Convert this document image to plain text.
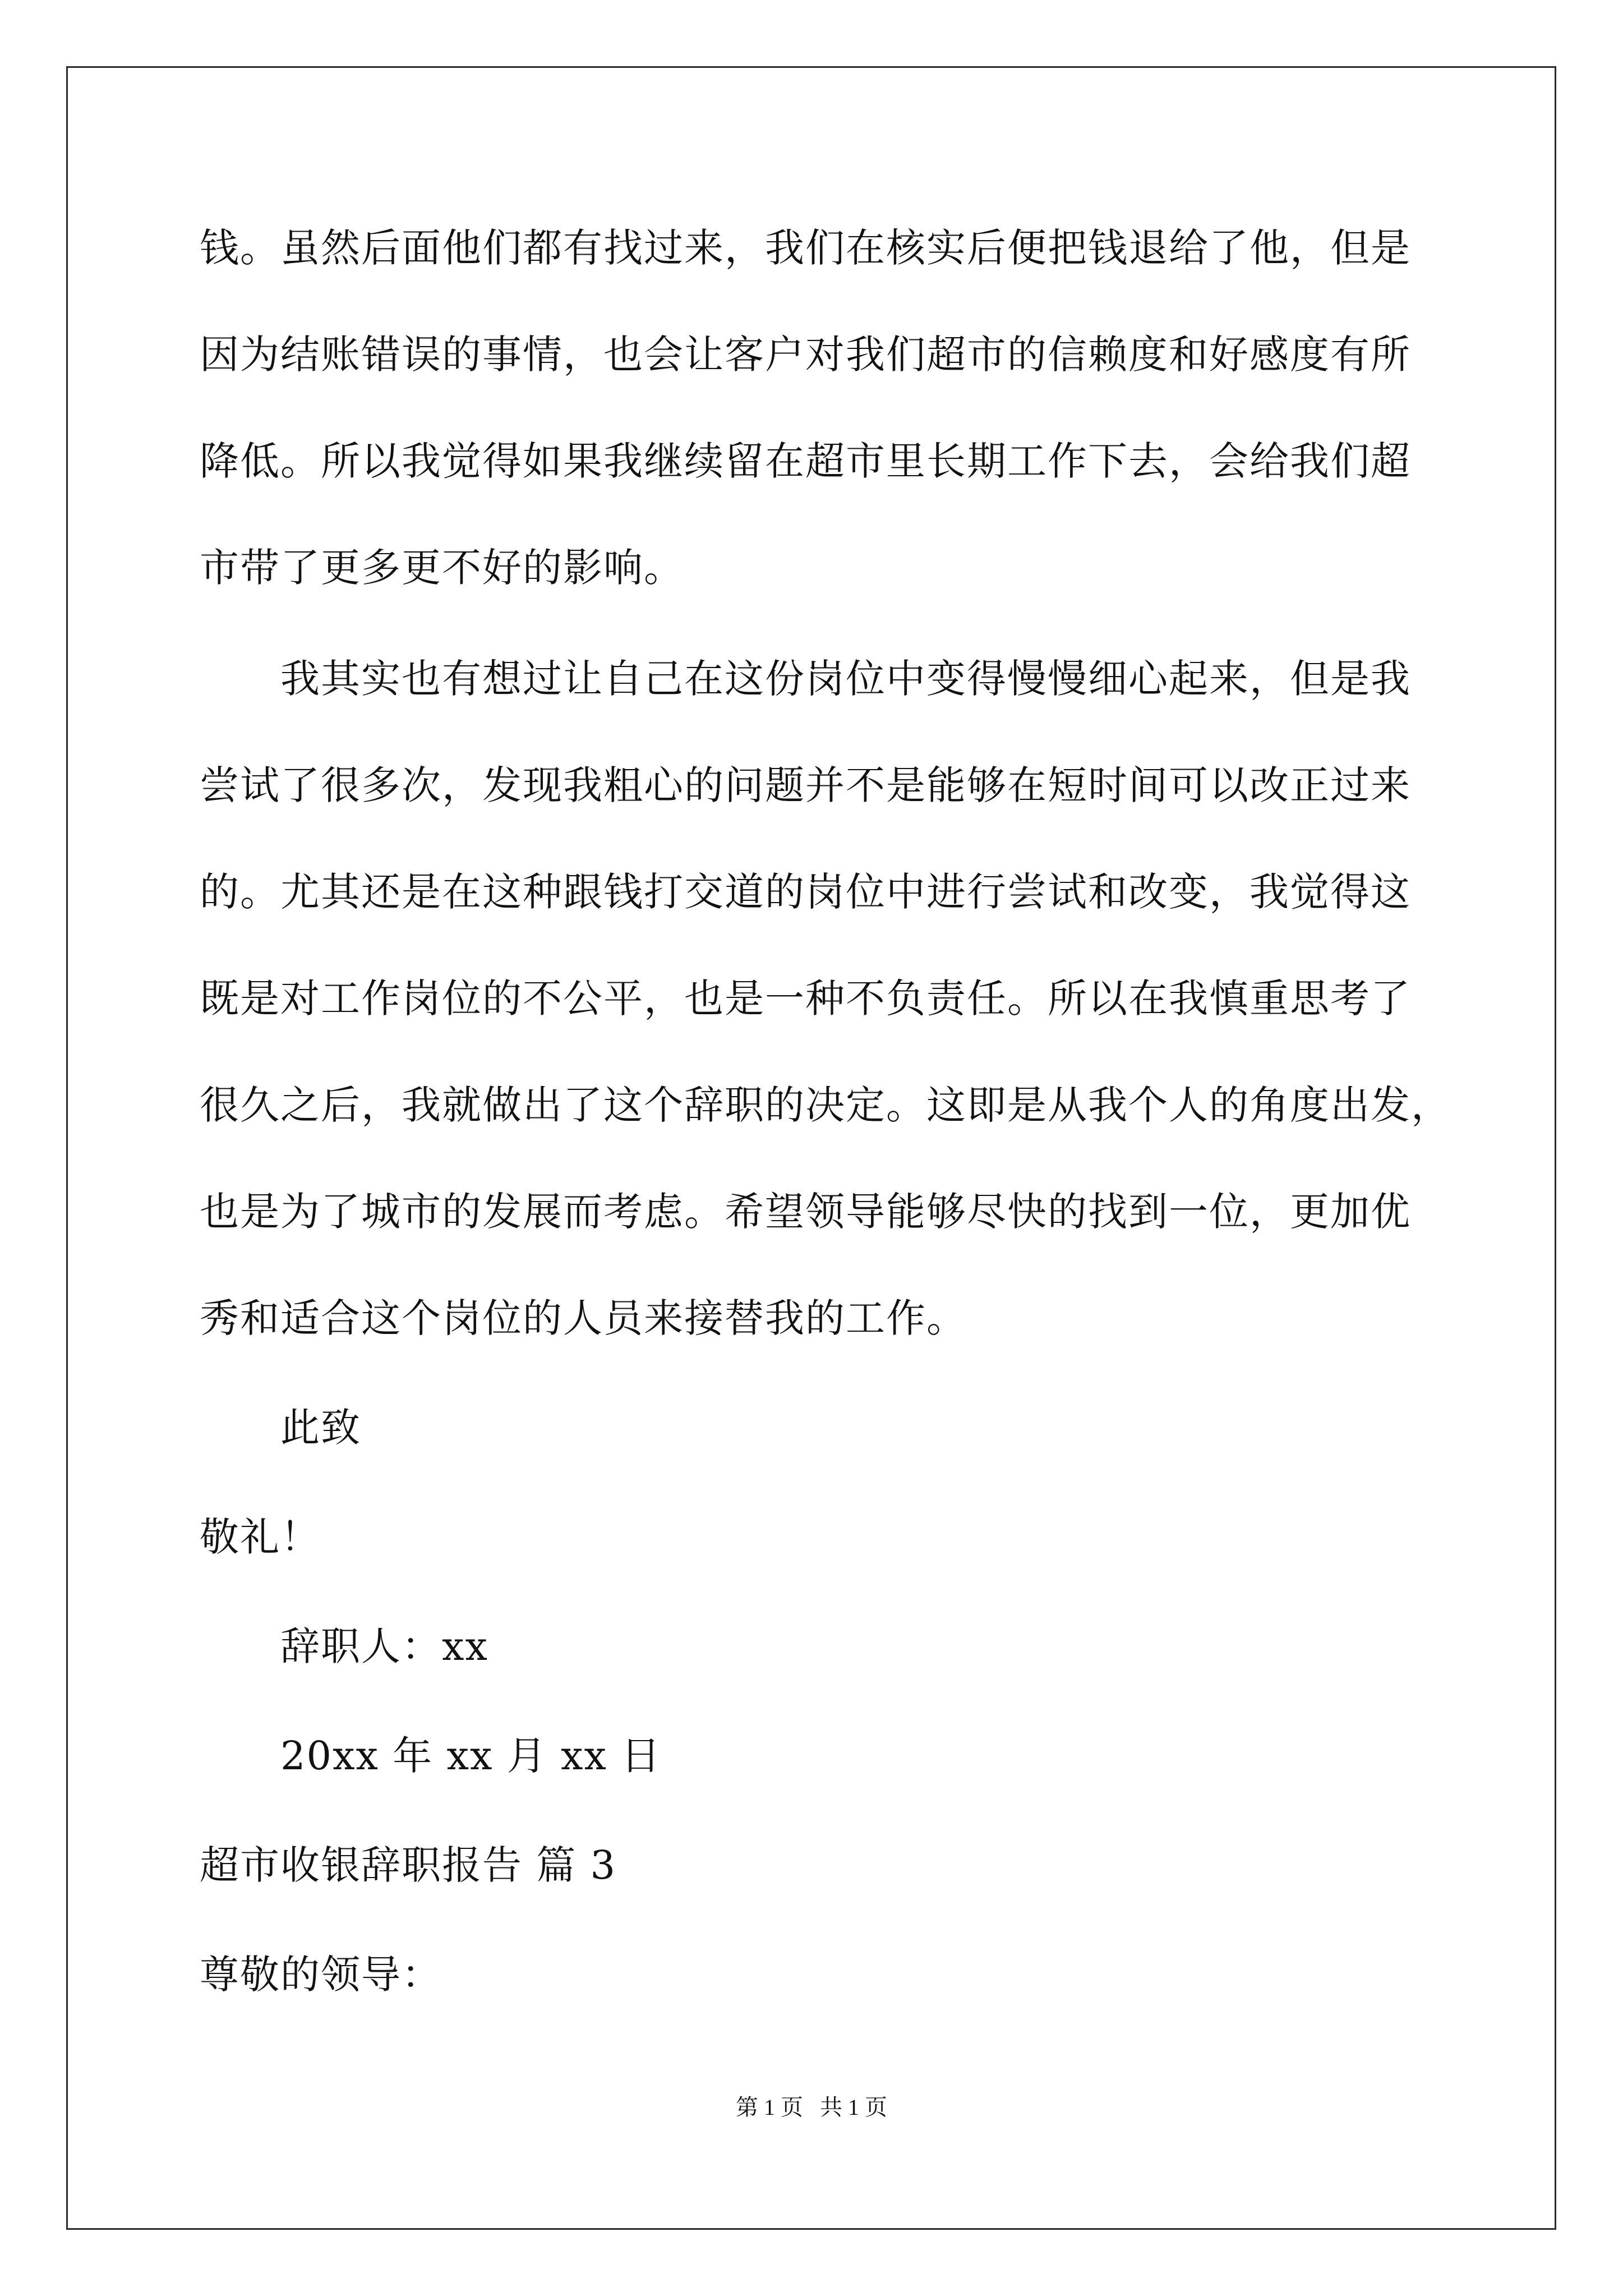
钱。虽然后面他们都有找过来，我们在核实后便把钱退给了他，但是
因为结账错误的事情，也会让客户对我们超市的信赖度和好感度有所
降低。所以我觉得如果我继续留在超市里长期工作下去，会给我们超
市带了更多更不好的影响。
我其实也有想过让自己在这份岗位中变得慢慢细心起来，但是我
尝试了很多次，发现我粗心的问题并不是能够在短时间可以改正过来
的。尤其还是在这种跟钱打交道的岗位中进行尝试和改变，我觉得这
既是对工作岗位的不公平，也是一种不负责任。所以在我慎重思考了
很久之后，我就做出了这个辞职的决定。这即是从我个人的角度出发，
也是为了城市的发展而考虑。希望领导能够尽快的找到一位，更加优
秀和适合这个岗位的人员来接替我的工作。
此致
敬礼！
辞职人：xx
20xx 年 xx 月 xx 日
超市收银辞职报告 篇 3
尊敬的领导：
第 1 页   共 1 页
